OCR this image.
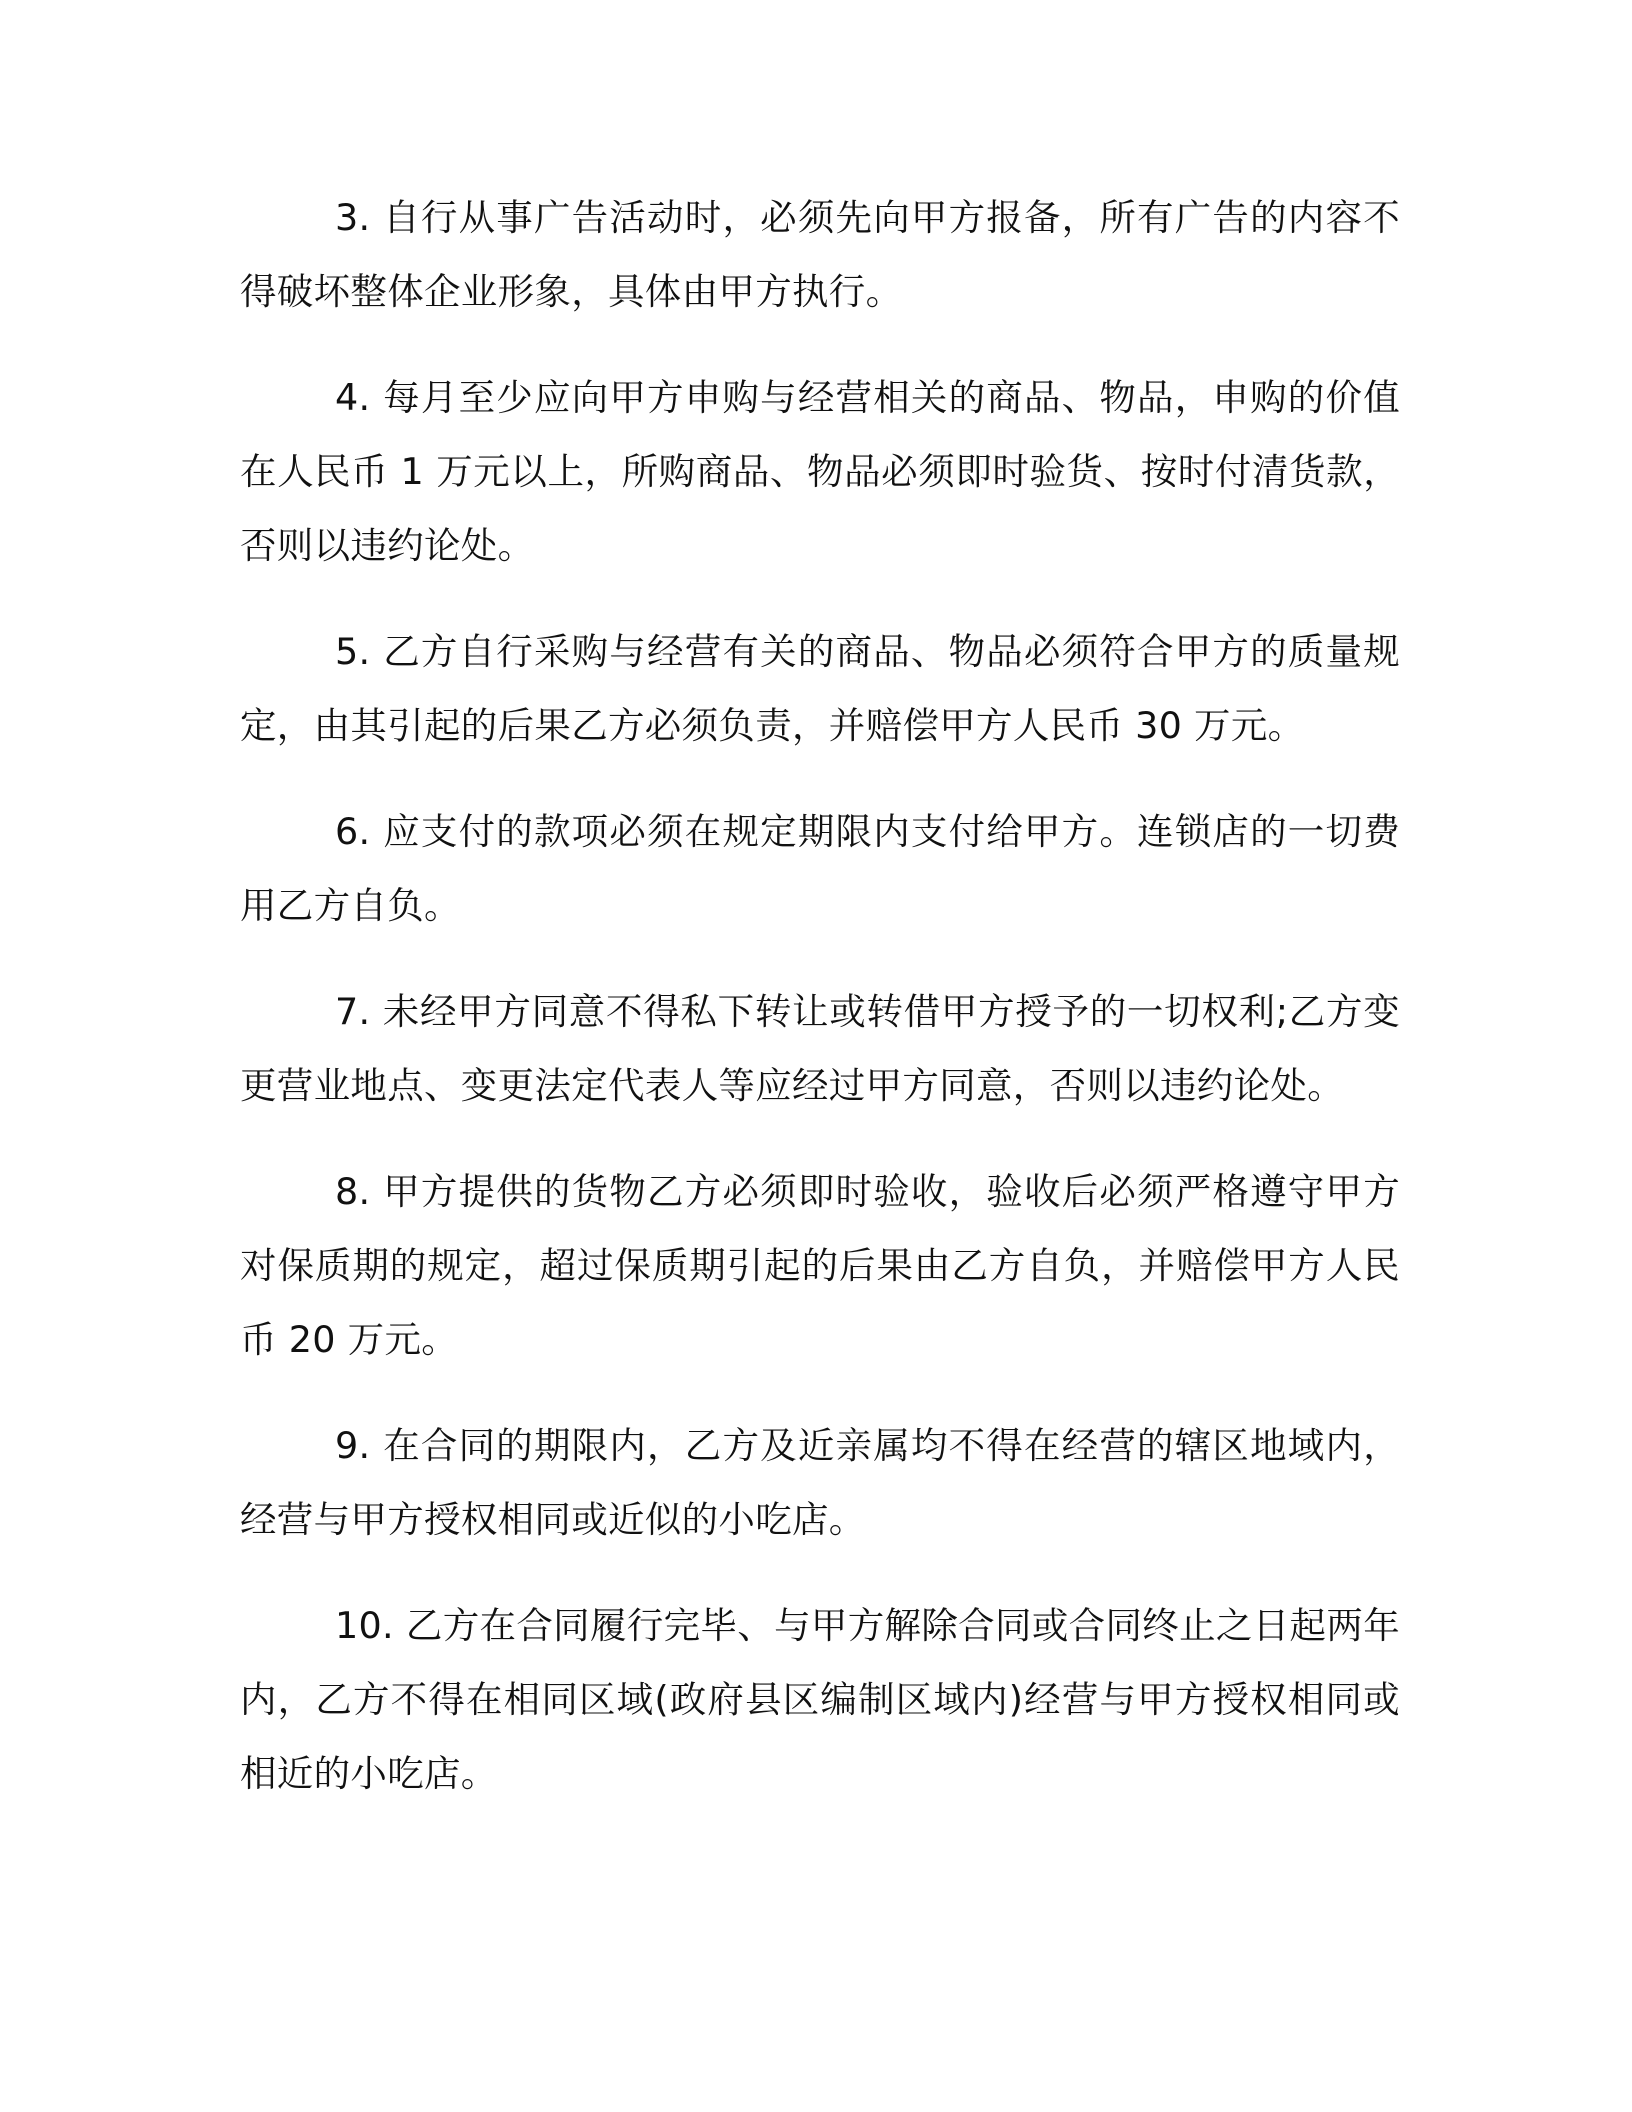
3. 自行从事广告活动时，必须先向甲方报备，所有广告的内容不得破坏整体企业形象，具体由甲方执行。

4. 每月至少应向甲方申购与经营相关的商品、物品，申购的价值在人民币 1 万元以上，所购商品、物品必须即时验货、按时付清货款，否则以违约论处。

5. 乙方自行采购与经营有关的商品、物品必须符合甲方的质量规定，由其引起的后果乙方必须负责，并赔偿甲方人民币 30 万元。

6. 应支付的款项必须在规定期限内支付给甲方。连锁店的一切费用乙方自负。

7. 未经甲方同意不得私下转让或转借甲方授予的一切权利;乙方变更营业地点、变更法定代表人等应经过甲方同意，否则以违约论处。

8. 甲方提供的货物乙方必须即时验收，验收后必须严格遵守甲方对保质期的规定，超过保质期引起的后果由乙方自负，并赔偿甲方人民币 20 万元。

9. 在合同的期限内，乙方及近亲属均不得在经营的辖区地域内，经营与甲方授权相同或近似的小吃店。

10. 乙方在合同履行完毕、与甲方解除合同或合同终止之日起两年内，乙方不得在相同区域(政府县区编制区域内)经营与甲方授权相同或相近的小吃店。
